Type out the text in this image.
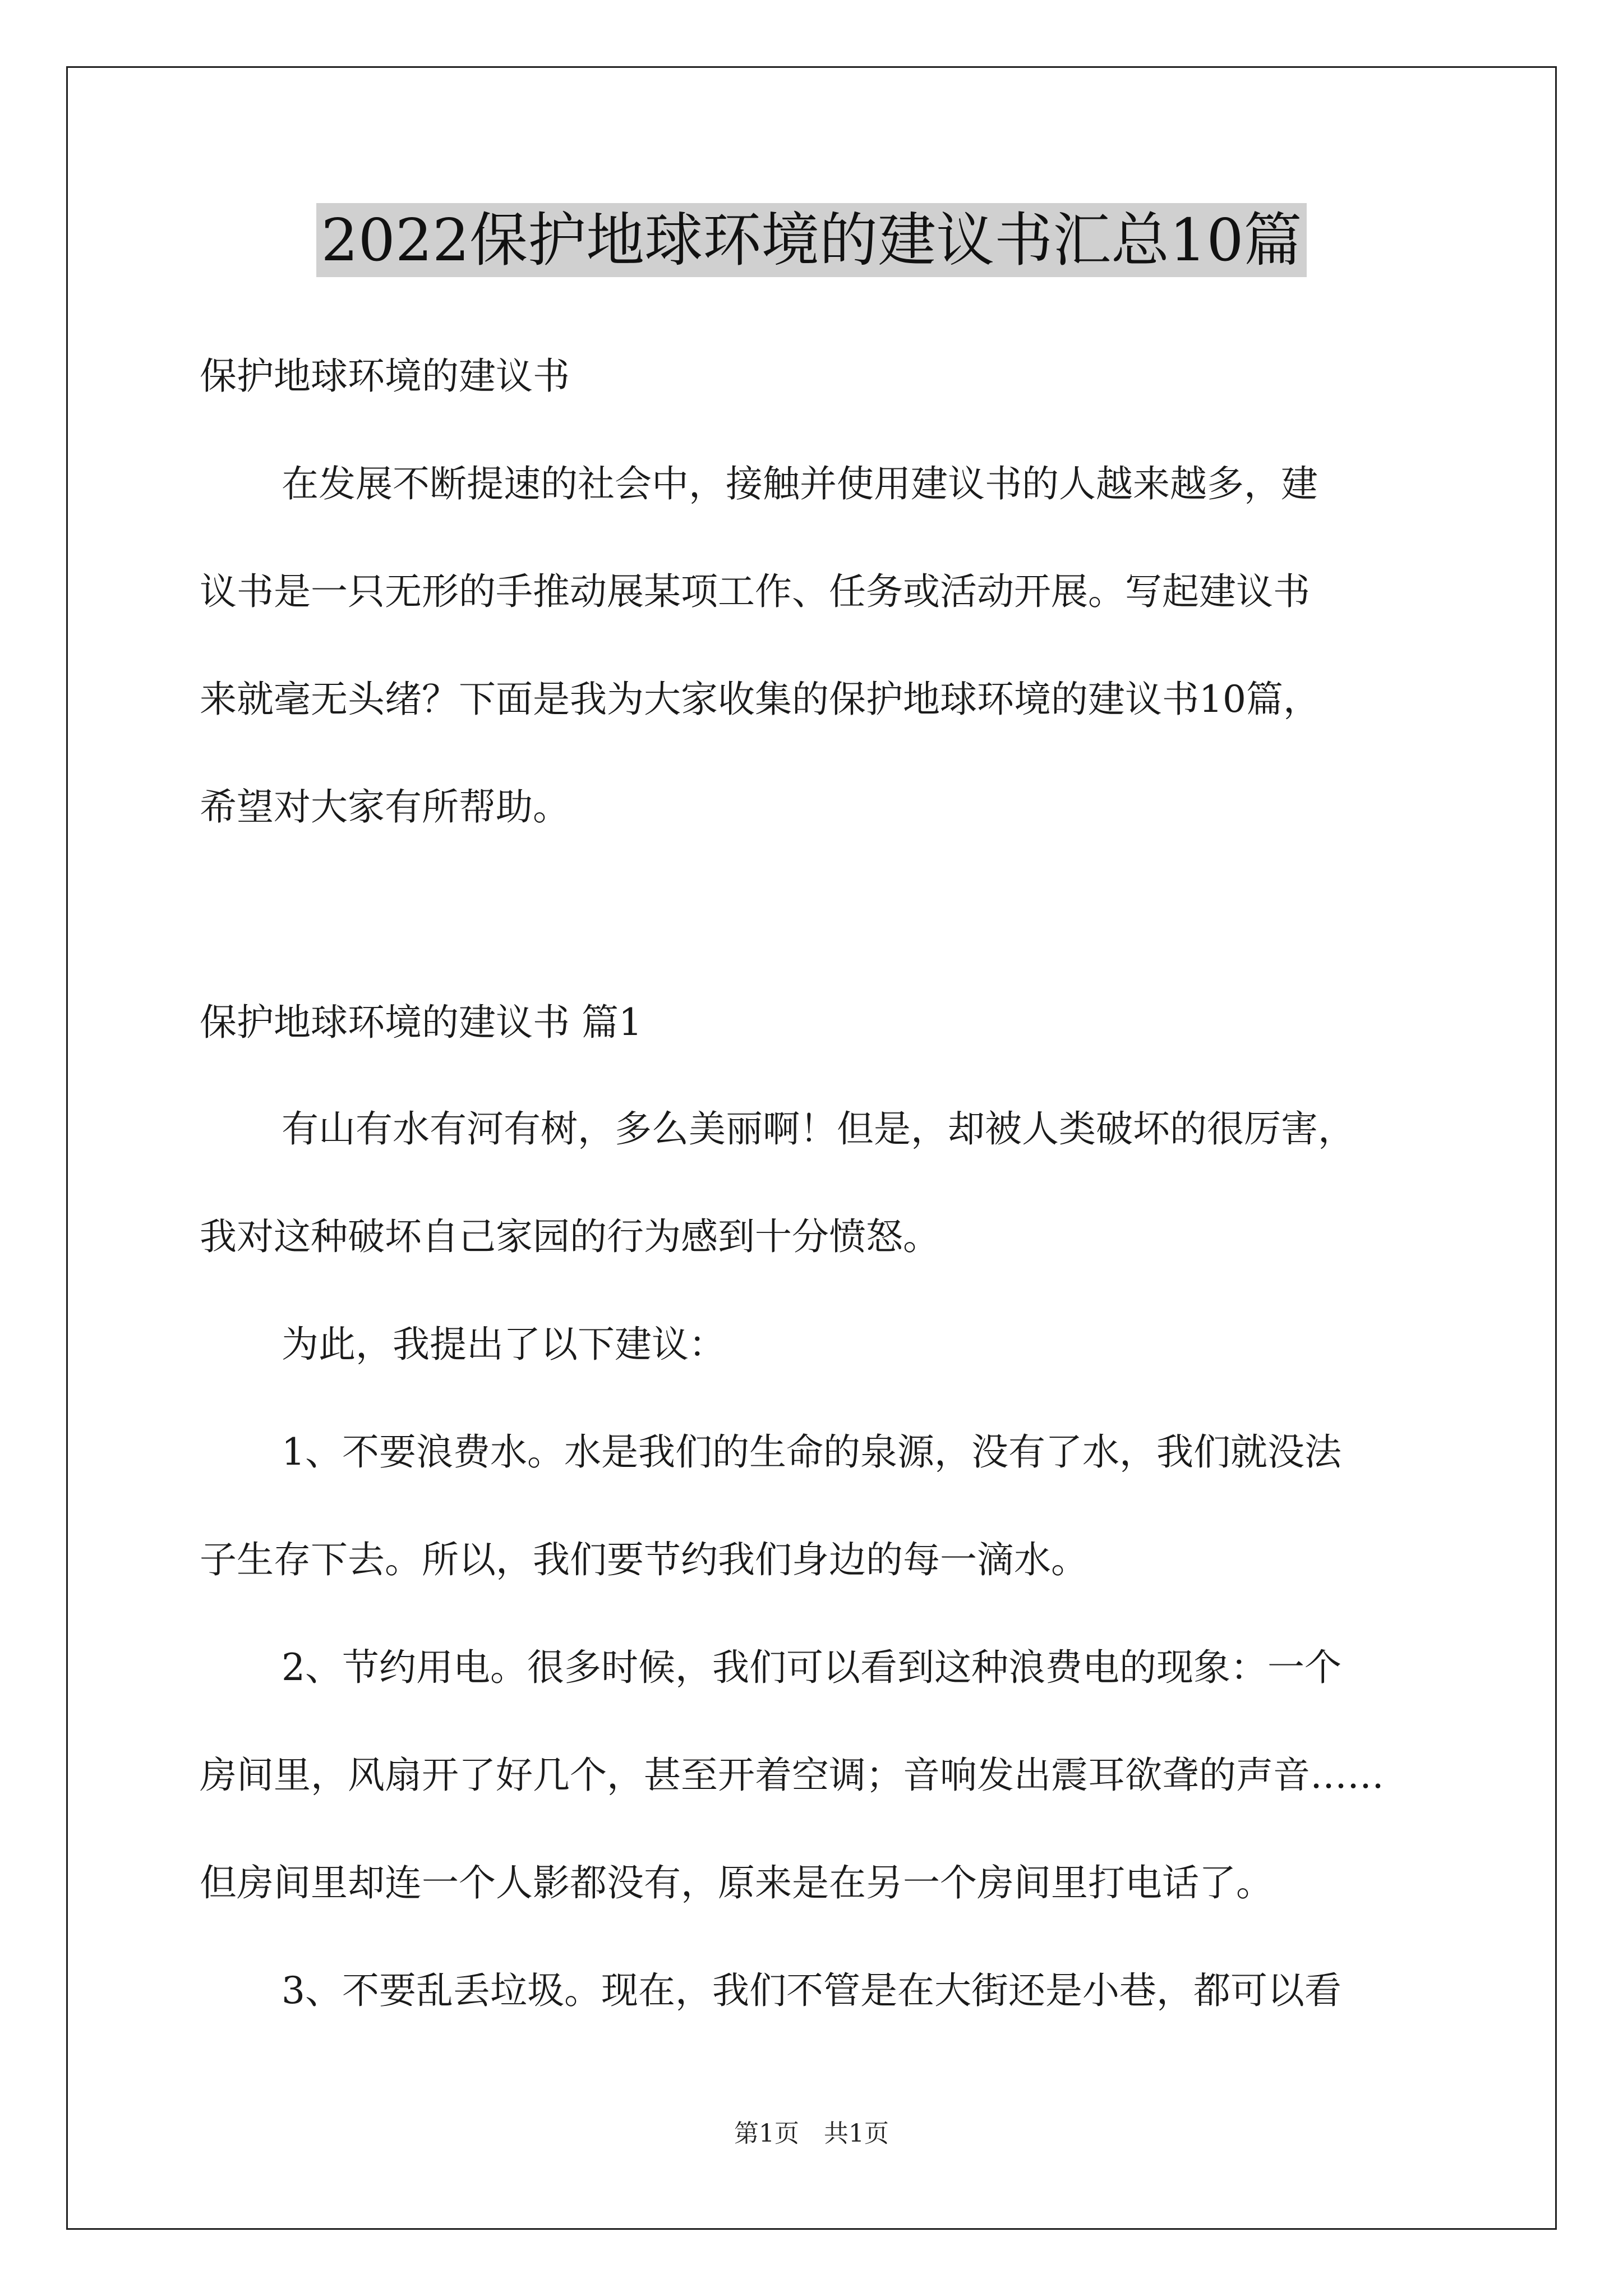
2022保护地球环境的建议书汇总10篇
保护地球环境的建议书
在发展不断提速的社会中，接触并使用建议书的人越来越多，建
议书是一只无形的手推动展某项工作、任务或活动开展。写起建议书
来就毫无头绪？下面是我为大家收集的保护地球环境的建议书10篇，
希望对大家有所帮助。
保护地球环境的建议书 篇1
有山有水有河有树，多么美丽啊！但是，却被人类破坏的很厉害，
我对这种破坏自己家园的行为感到十分愤怒。
为此，我提出了以下建议：
1、不要浪费水。水是我们的生命的泉源，没有了水，我们就没法
子生存下去。所以，我们要节约我们身边的每一滴水。
2、节约用电。很多时候，我们可以看到这种浪费电的现象：一个
房间里，风扇开了好几个，甚至开着空调；音响发出震耳欲聋的声音……
但房间里却连一个人影都没有，原来是在另一个房间里打电话了。
3、不要乱丢垃圾。现在，我们不管是在大街还是小巷，都可以看
第1页　共1页
